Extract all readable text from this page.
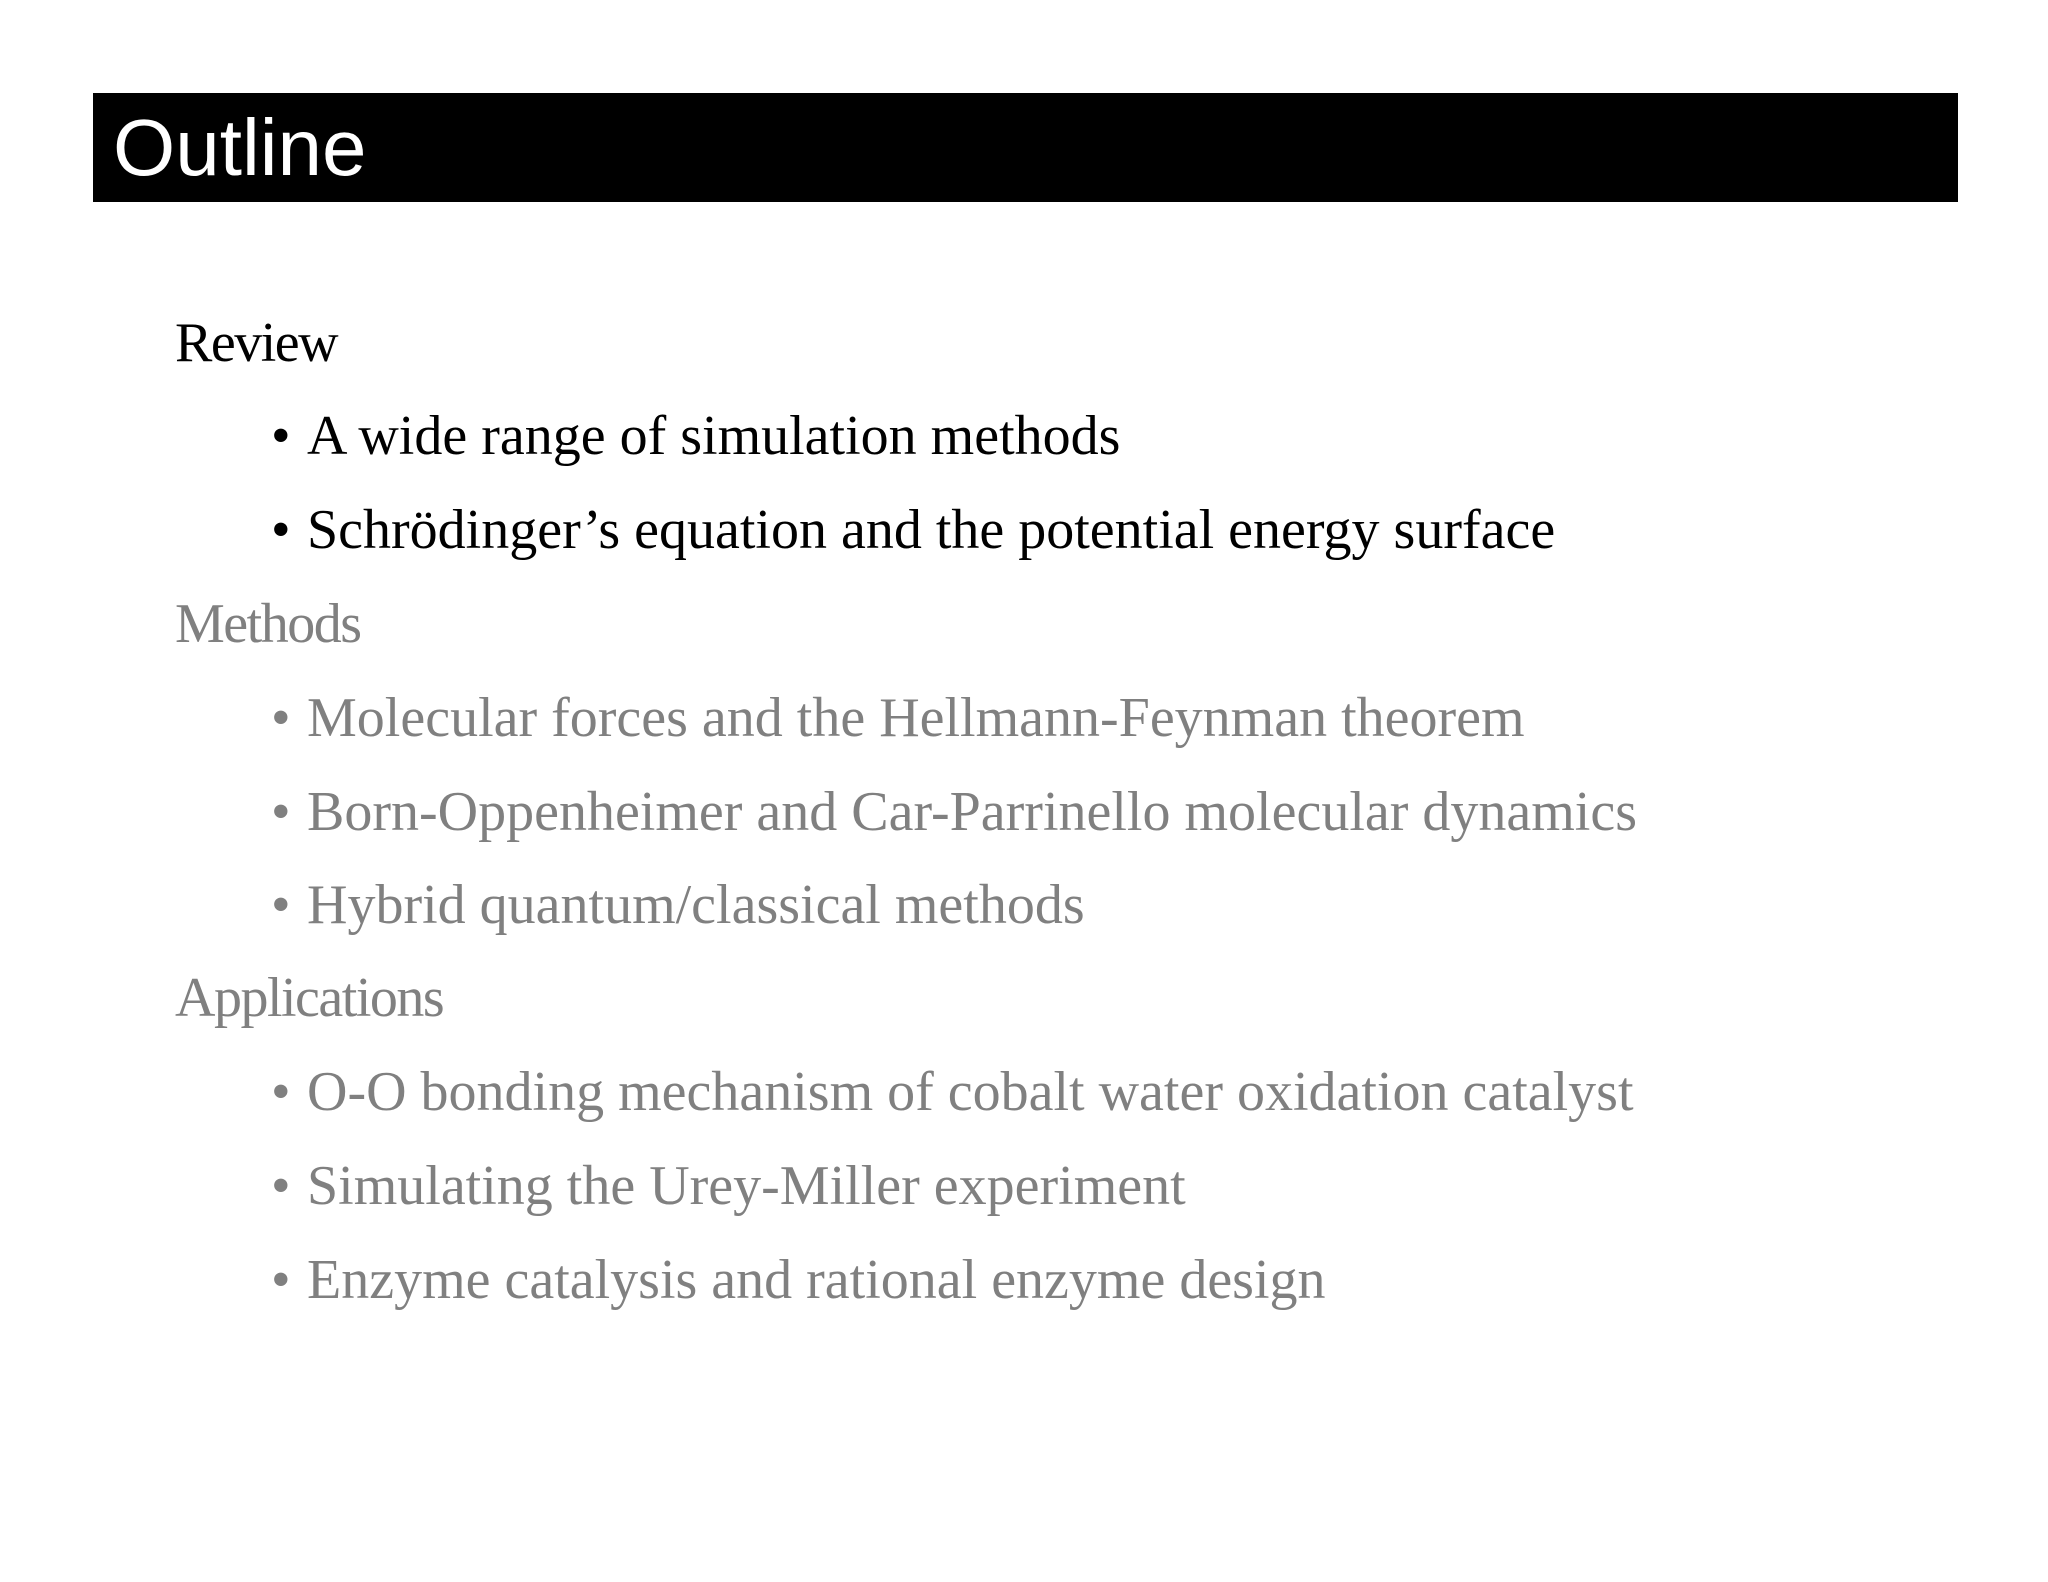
Outline
Review
• A wide range of simulation methods
• Schrödinger’s equation and the potential energy surface
Methods
• Molecular forces and the Hellmann-Feynman theorem
• Born-Oppenheimer and Car-Parrinello molecular dynamics
• Hybrid quantum/classical methods
Applications
• O-O bonding mechanism of cobalt water oxidation catalyst
• Simulating the Urey-Miller experiment
• Enzyme catalysis and rational enzyme design
